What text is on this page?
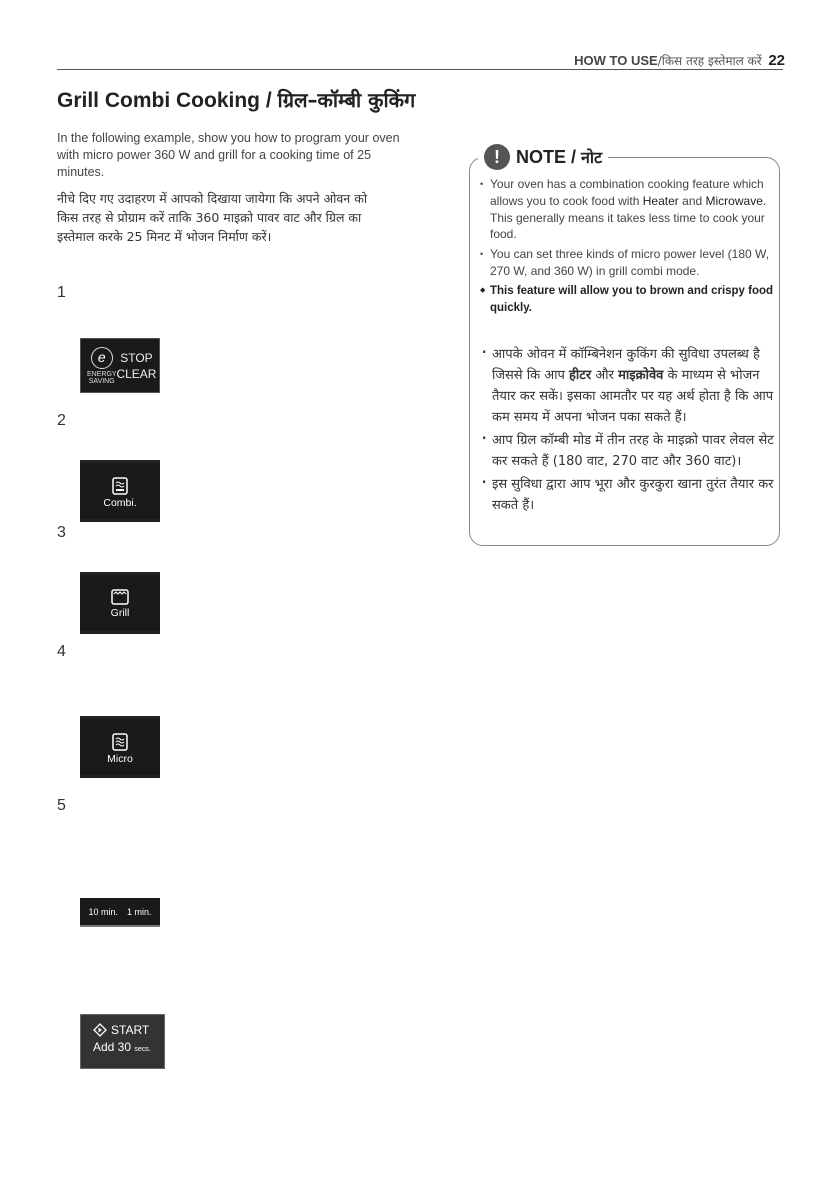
HOW TO USE/किस तरह इस्तेमाल करें 22
Grill Combi Cooking / ग्रिल–कॉम्बी कुकिंग
In the following example, show you how to program your oven with micro power 360 W and grill for a cooking time of 25 minutes.
नीचे दिए गए उदाहरण में आपको दिखाया जायेगा कि अपने ओवन को किस तरह से प्रोग्राम करें ताकि 360 माइक्रो पावर वाट और ग्रिल का इस्तेमाल करके 25 मिनट में भोजन निर्माण करें।
1
2
3
4
5
e
ENERGY SAVING
STOP
CLEAR
Combi.
Grill
Micro
10 min. 1 min.
START
Add 30 secs.
! NOTE / नोट
• Your oven has a combination cooking feature which allows you to cook food with Heater and Microwave.
This generally means it takes less time to cook your food.
• You can set three kinds of micro power level (180 W, 270 W, and 360 W) in grill combi mode.
◆ This feature will allow you to brown and crispy food quickly.
· आपके ओवन में कॉम्बिनेशन कुकिंग की सुविधा उपलब्ध है जिससे कि आप हीटर और माइक्रोवेव के माध्यम से भोजन तैयार कर सकें। इसका आमतौर पर यह अर्थ होता है कि आप कम समय में अपना भोजन पका सकते हैं।
· आप ग्रिल कॉम्बी मोड में तीन तरह के माइक्रो पावर लेवल सेट कर सकते हैं (180 वाट, 270 वाट और 360 वाट)।
· इस सुविधा द्वारा आप भूरा और कुरकुरा खाना तुरंत तैयार कर सकते हैं।
